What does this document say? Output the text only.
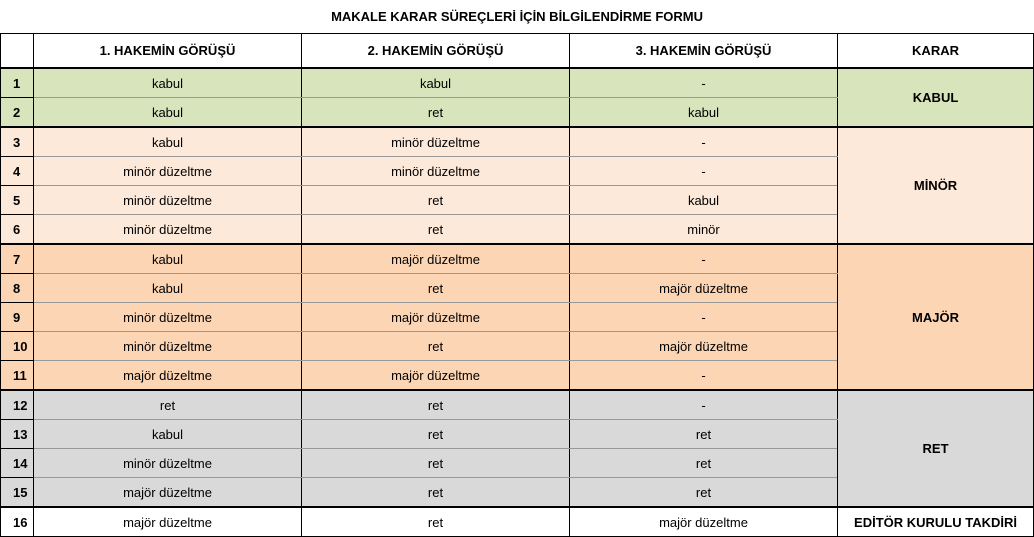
MAKALE KARAR SÜREÇLERİ İÇİN BİLGİLENDİRME FORMU				
	1. HAKEMİN GÖRÜŞÜ	2. HAKEMİN GÖRÜŞÜ	3. HAKEMİN GÖRÜŞÜ	KARAR
1	kabul	kabul	-	KABUL
2	kabul	ret	kabul	
3	kabul	minör düzeltme	-	MİNÖR
4	minör düzeltme	minör düzeltme	-	
5	minör düzeltme	ret	kabul	
6	minör düzeltme	ret	minör	
7	kabul	majör düzeltme	-	MAJÖR
8	kabul	ret	majör düzeltme	
9	minör düzeltme	majör düzeltme	-	
10	minör düzeltme	ret	majör düzeltme	
11	majör düzeltme	majör düzeltme	-	
12	ret	ret	-	RET
13	kabul	ret	ret	
14	minör düzeltme	ret	ret	
15	majör düzeltme	ret	ret	
16	majör düzeltme	ret	majör düzeltme	EDİTÖR KURULU TAKDİRİ
